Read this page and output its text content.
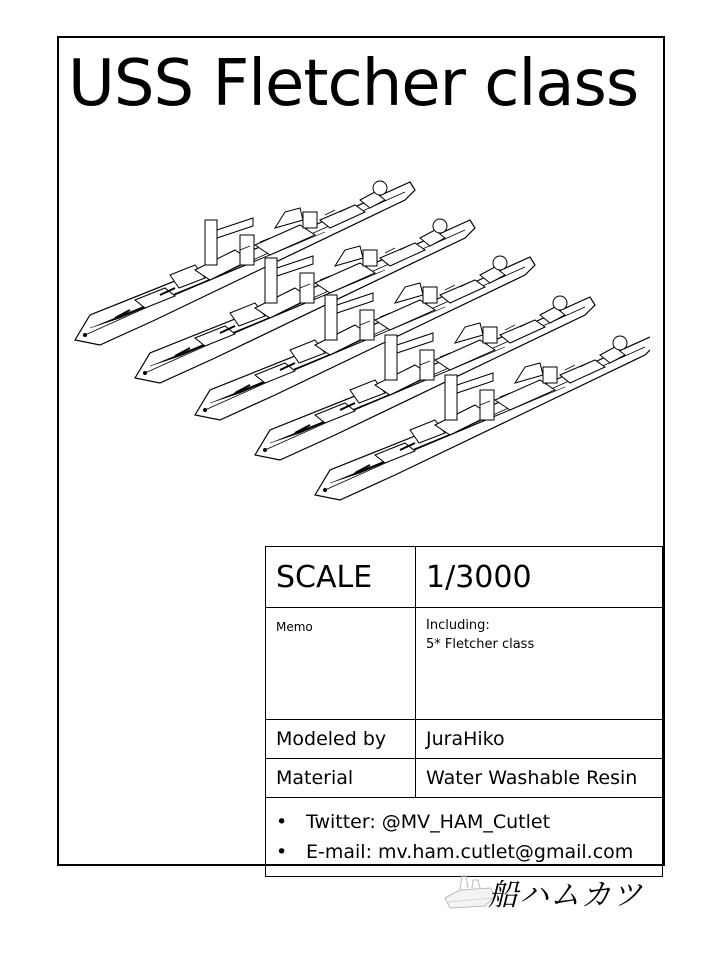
USS Fletcher class
SCALE	1/3000
Memo	Including:
5* Fletcher class

Modeled by	JuraHiko
Material	Water Washable Resin

• Twitter: @MV_HAM_Cutlet
• E-mail: mv.ham.cutlet@gmail.com	
船ハムカツ
